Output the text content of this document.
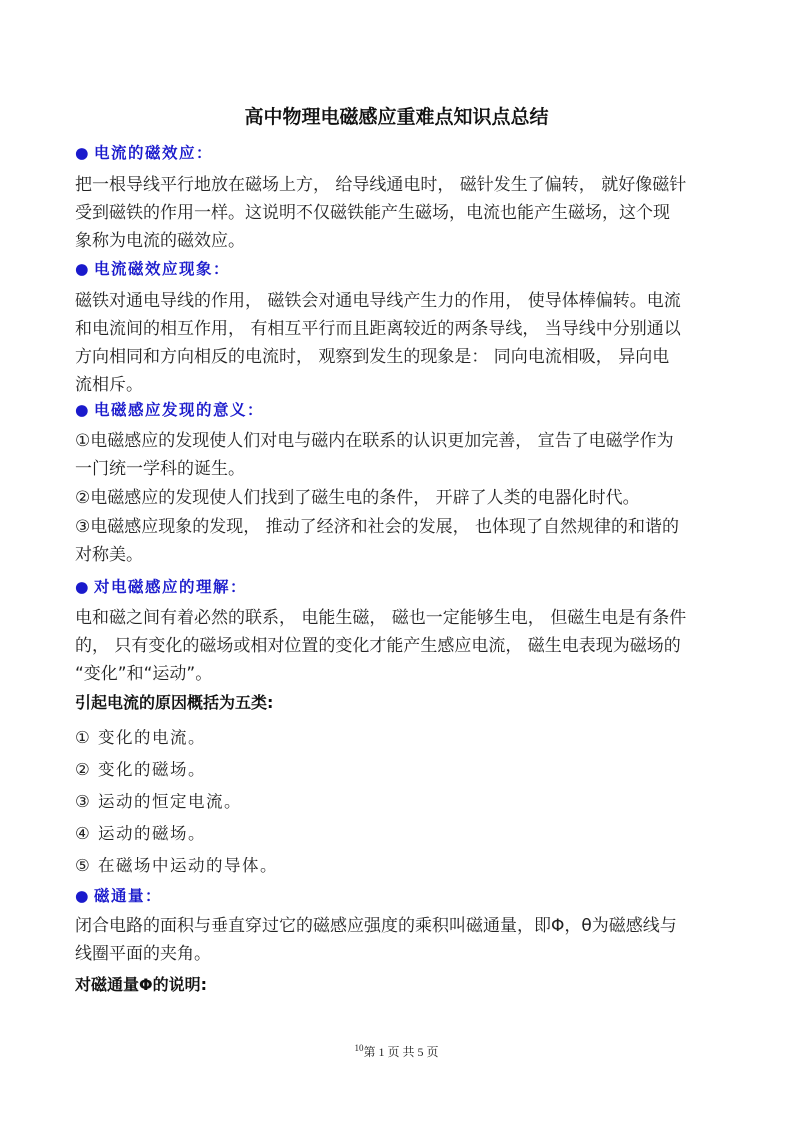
高中物理电磁感应重难点知识点总结
● 电流的磁效应：
把一根导线平行地放在磁场上方， 给导线通电时， 磁针发生了偏转， 就好像磁针
受到磁铁的作用一样。这说明不仅磁铁能产生磁场，电流也能产生磁场，这个现
象称为电流的磁效应。
● 电流磁效应现象：
磁铁对通电导线的作用， 磁铁会对通电导线产生力的作用， 使导体棒偏转。电流
和电流间的相互作用， 有相互平行而且距离较近的两条导线， 当导线中分别通以
方向相同和方向相反的电流时， 观察到发生的现象是： 同向电流相吸， 异向电
流相斥。
● 电磁感应发现的意义：
①电磁感应的发现使人们对电与磁内在联系的认识更加完善， 宣告了电磁学作为
一门统一学科的诞生。
②电磁感应的发现使人们找到了磁生电的条件， 开辟了人类的电器化时代。
③电磁感应现象的发现， 推动了经济和社会的发展， 也体现了自然规律的和谐的
对称美。
● 对电磁感应的理解：
电和磁之间有着必然的联系， 电能生磁， 磁也一定能够生电， 但磁生电是有条件
的， 只有变化的磁场或相对位置的变化才能产生感应电流， 磁生电表现为磁场的
“变化”和“运动”。
引起电流的原因概括为五类:
① 变化的电流。
② 变化的磁场。
③ 运动的恒定电流。
④ 运动的磁场。
⑤ 在磁场中运动的导体。
● 磁通量：
闭合电路的面积与垂直穿过它的磁感应强度的乘积叫磁通量，即Φ，θ为磁感线与
线圈平面的夹角。
对磁通量Φ的说明:
$^{10}$第 1 页 共 5 页
